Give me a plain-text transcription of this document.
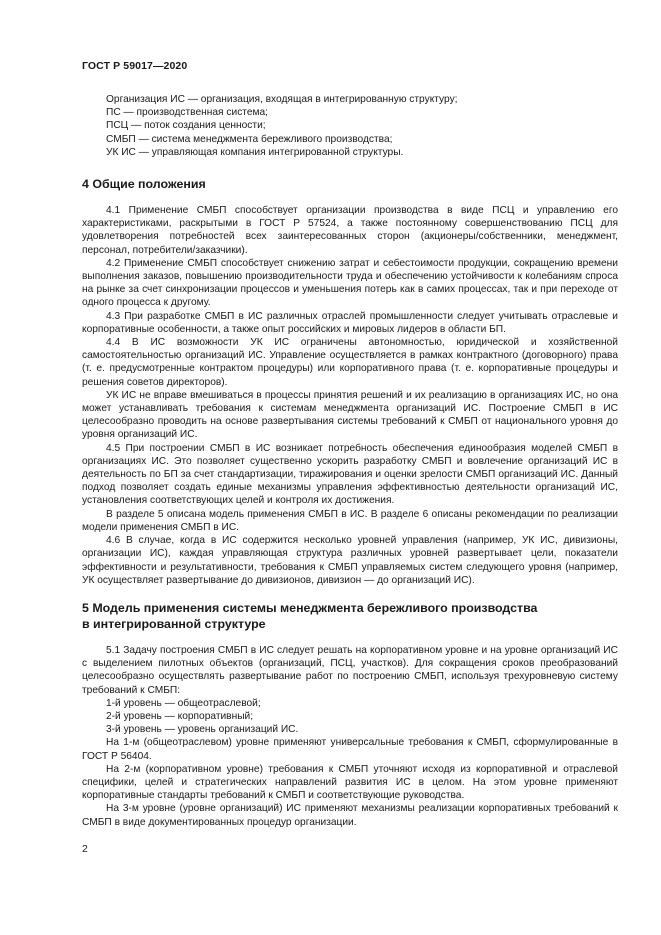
ГОСТ Р 59017—2020
Организация ИС — организация, входящая в интегрированную структуру;
ПС — производственная система;
ПСЦ — поток создания ценности;
СМБП — система менеджмента бережливого производства;
УК ИС — управляющая компания интегрированной структуры.
4 Общие положения

4.1 Применение СМБП способствует организации производства в виде ПСЦ и управлению его характеристиками, раскрытыми в ГОСТ Р 57524, а также постоянному совершенствованию ПСЦ для удовлетворения потребностей всех заинтересованных сторон (акционеры/собственники, менеджмент, персонал, потребители/заказчики).

4.2 Применение СМБП способствует снижению затрат и себестоимости продукции, сокращению времени выполнения заказов, повышению производительности труда и обеспечению устойчивости к колебаниям спроса на рынке за счет синхронизации процессов и уменьшения потерь как в самих процессах, так и при переходе от одного процесса к другому.

4.3 При разработке СМБП в ИС различных отраслей промышленности следует учитывать отраслевые и корпоративные особенности, а также опыт российских и мировых лидеров в области БП.

4.4 В ИС возможности УК ИС ограничены автономностью, юридической и хозяйственной самостоятельностью организаций ИС. Управление осуществляется в рамках контрактного (договорного) права (т. е. предусмотренные контрактом процедуры) или корпоративного права (т. е. корпоративные процедуры и решения советов директоров).

УК ИС не вправе вмешиваться в процессы принятия решений и их реализацию в организациях ИС, но она может устанавливать требования к системам менеджмента организаций ИС. Построение СМБП в ИС целесообразно проводить на основе развертывания системы требований к СМБП от национального уровня до уровня организаций ИС.

4.5 При построении СМБП в ИС возникает потребность обеспечения единообразия моделей СМБП в организациях ИС. Это позволяет существенно ускорить разработку СМБП и вовлечение организаций ИС в деятельность по БП за счет стандартизации, тиражирования и оценки зрелости СМБП организаций ИС. Данный подход позволяет создать единые механизмы управления эффективностью деятельности организаций ИС, установления соответствующих целей и контроля их достижения.

В разделе 5 описана модель применения СМБП в ИС. В разделе 6 описаны рекомендации по реализации модели применения СМБП в ИС.

4.6 В случае, когда в ИС содержится несколько уровней управления (например, УК ИС, дивизионы, организации ИС), каждая управляющая структура различных уровней развертывает цели, показатели эффективности и результативности, требования к СМБП управляемых систем следующего уровня (например, УК осуществляет развертывание до дивизионов, дивизион — до организаций ИС).

5 Модель применения системы менеджмента бережливого производства
в интегрированной структуре

5.1 Задачу построения СМБП в ИС следует решать на корпоративном уровне и на уровне организаций ИС с выделением пилотных объектов (организаций, ПСЦ, участков). Для сокращения сроков преобразований целесообразно осуществлять развертывание работ по построению СМБП, используя трехуровневую систему требований к СМБП:

1-й уровень — общеотраслевой;
2-й уровень — корпоративный;
3-й уровень — уровень организаций ИС.

На 1-м (общеотраслевом) уровне применяют универсальные требования к СМБП, сформулированные в ГОСТ Р 56404.

На 2-м (корпоративном уровне) требования к СМБП уточняют исходя из корпоративной и отраслевой специфики, целей и стратегических направлений развития ИС в целом. На этом уровне применяют корпоративные стандарты требований к СМБП и соответствующие руководства.

На 3-м уровне (уровне организаций) ИС применяют механизмы реализации корпоративных требований к СМБП в виде документированных процедур организации.

2
